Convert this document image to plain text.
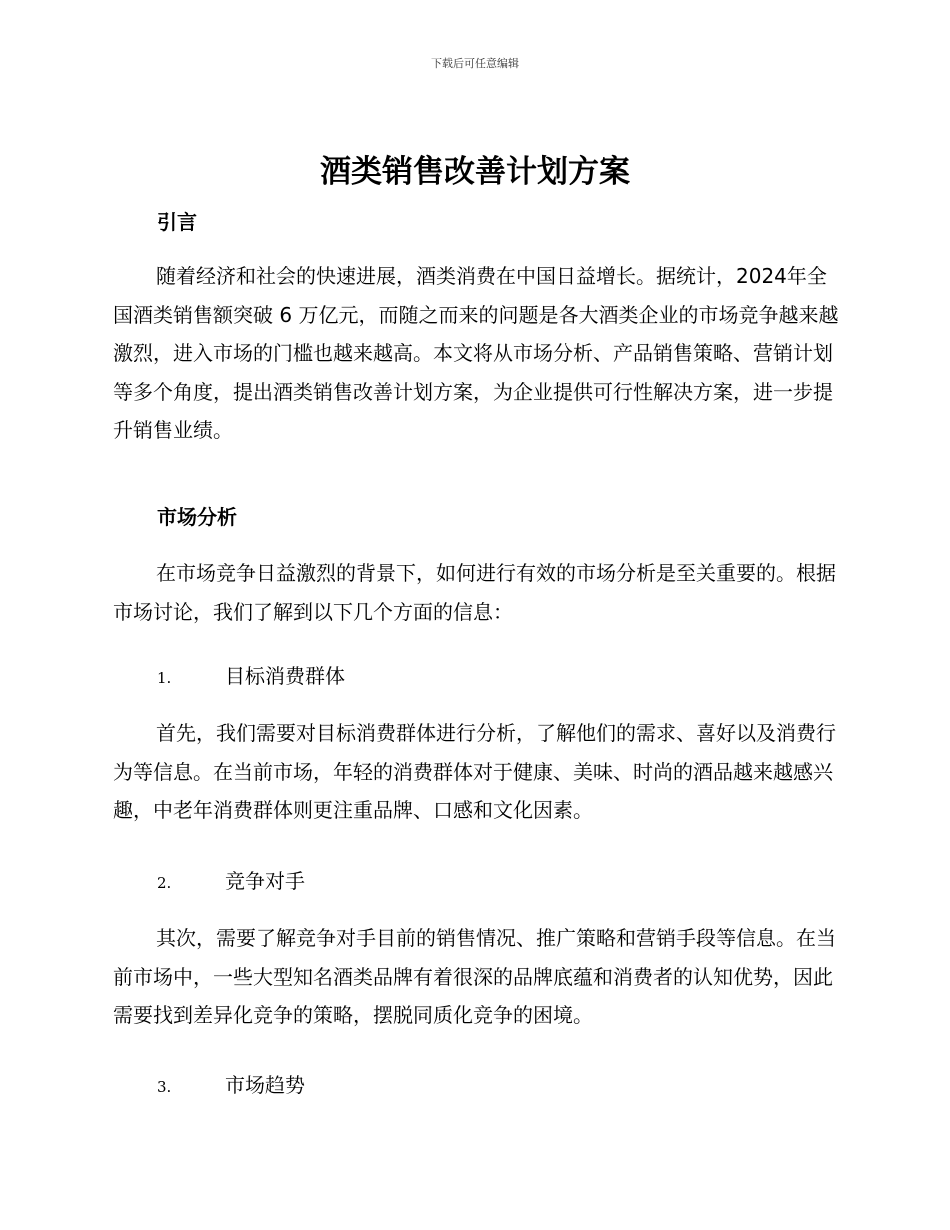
下载后可任意编辑
酒类销售改善计划方案
引言
随着经济和社会的快速进展，酒类消费在中国日益增长。据统计，2024年全国酒类销售额突破 6 万亿元，而随之而来的问题是各大酒类企业的市场竞争越来越激烈，进入市场的门槛也越来越高。本文将从市场分析、产品销售策略、营销计划等多个角度，提出酒类销售改善计划方案，为企业提供可行性解决方案，进一步提升销售业绩。
市场分析
在市场竞争日益激烈的背景下，如何进行有效的市场分析是至关重要的。根据市场讨论，我们了解到以下几个方面的信息：
1.	目标消费群体
首先，我们需要对目标消费群体进行分析，了解他们的需求、喜好以及消费行为等信息。在当前市场，年轻的消费群体对于健康、美味、时尚的酒品越来越感兴趣，中老年消费群体则更注重品牌、口感和文化因素。
2.	竞争对手
其次，需要了解竞争对手目前的销售情况、推广策略和营销手段等信息。在当前市场中，一些大型知名酒类品牌有着很深的品牌底蕴和消费者的认知优势，因此需要找到差异化竞争的策略，摆脱同质化竞争的困境。
3.	市场趋势
